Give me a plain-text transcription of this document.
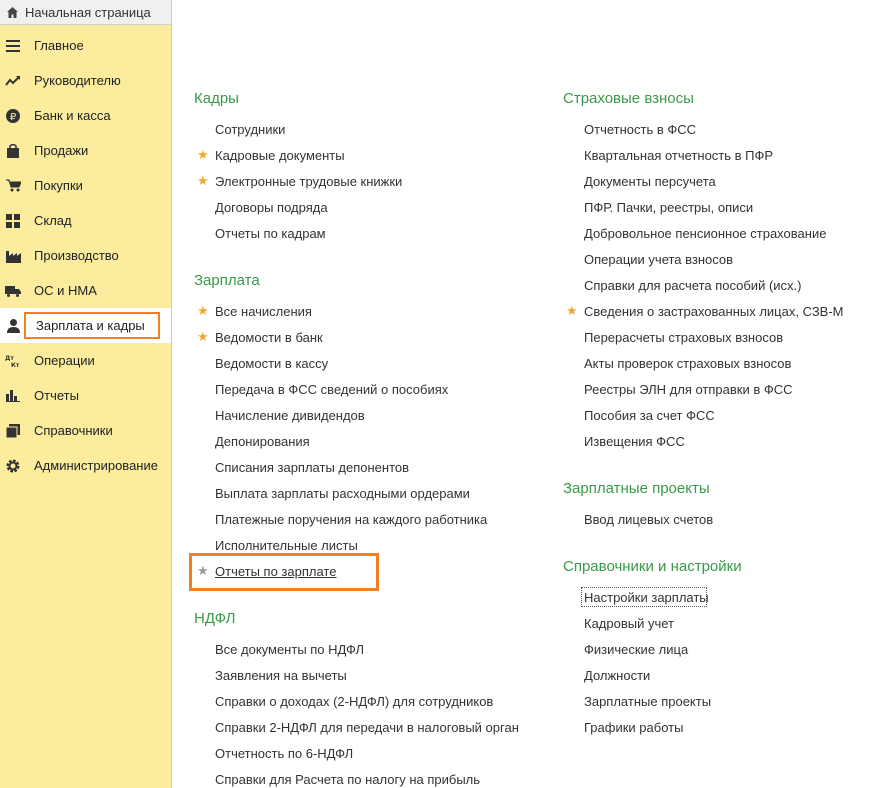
Начальная страница
Главное
Руководителю
₽ Банк и касса
Продажи
Покупки
Склад
Производство
ОС и НМА
Зарплата и кадры
Дт
Кт Операции
Отчеты
Справочники
Администрирование
Кадры
Сотрудники
★ Кадровые документы
★ Электронные трудовые книжки
Договоры подряда
Отчеты по кадрам
Зарплата
★ Все начисления
★ Ведомости в банк
Ведомости в кассу
Передача в ФСС сведений о пособиях
Начисление дивидендов
Депонирования
Списания зарплаты депонентов
Выплата зарплаты расходными ордерами
Платежные поручения на каждого работника
Исполнительные листы
★ Отчеты по зарплате
НДФЛ
Все документы по НДФЛ
Заявления на вычеты
Справки о доходах (2-НДФЛ) для сотрудников
Справки 2-НДФЛ для передачи в налоговый орган
Отчетность по 6-НДФЛ
Справки для Расчета по налогу на прибыль
Страховые взносы
Отчетность в ФСС
Квартальная отчетность в ПФР
Документы персучета
ПФР. Пачки, реестры, описи
Добровольное пенсионное страхование
Операции учета взносов
Справки для расчета пособий (исх.)
★ Сведения о застрахованных лицах, СЗВ-М
Перерасчеты страховых взносов
Акты проверок страховых взносов
Реестры ЭЛН для отправки в ФСС
Пособия за счет ФСС
Извещения ФСС
Зарплатные проекты
Ввод лицевых счетов
Справочники и настройки
Настройки зарплаты
Кадровый учет
Физические лица
Должности
Зарплатные проекты
Графики работы
